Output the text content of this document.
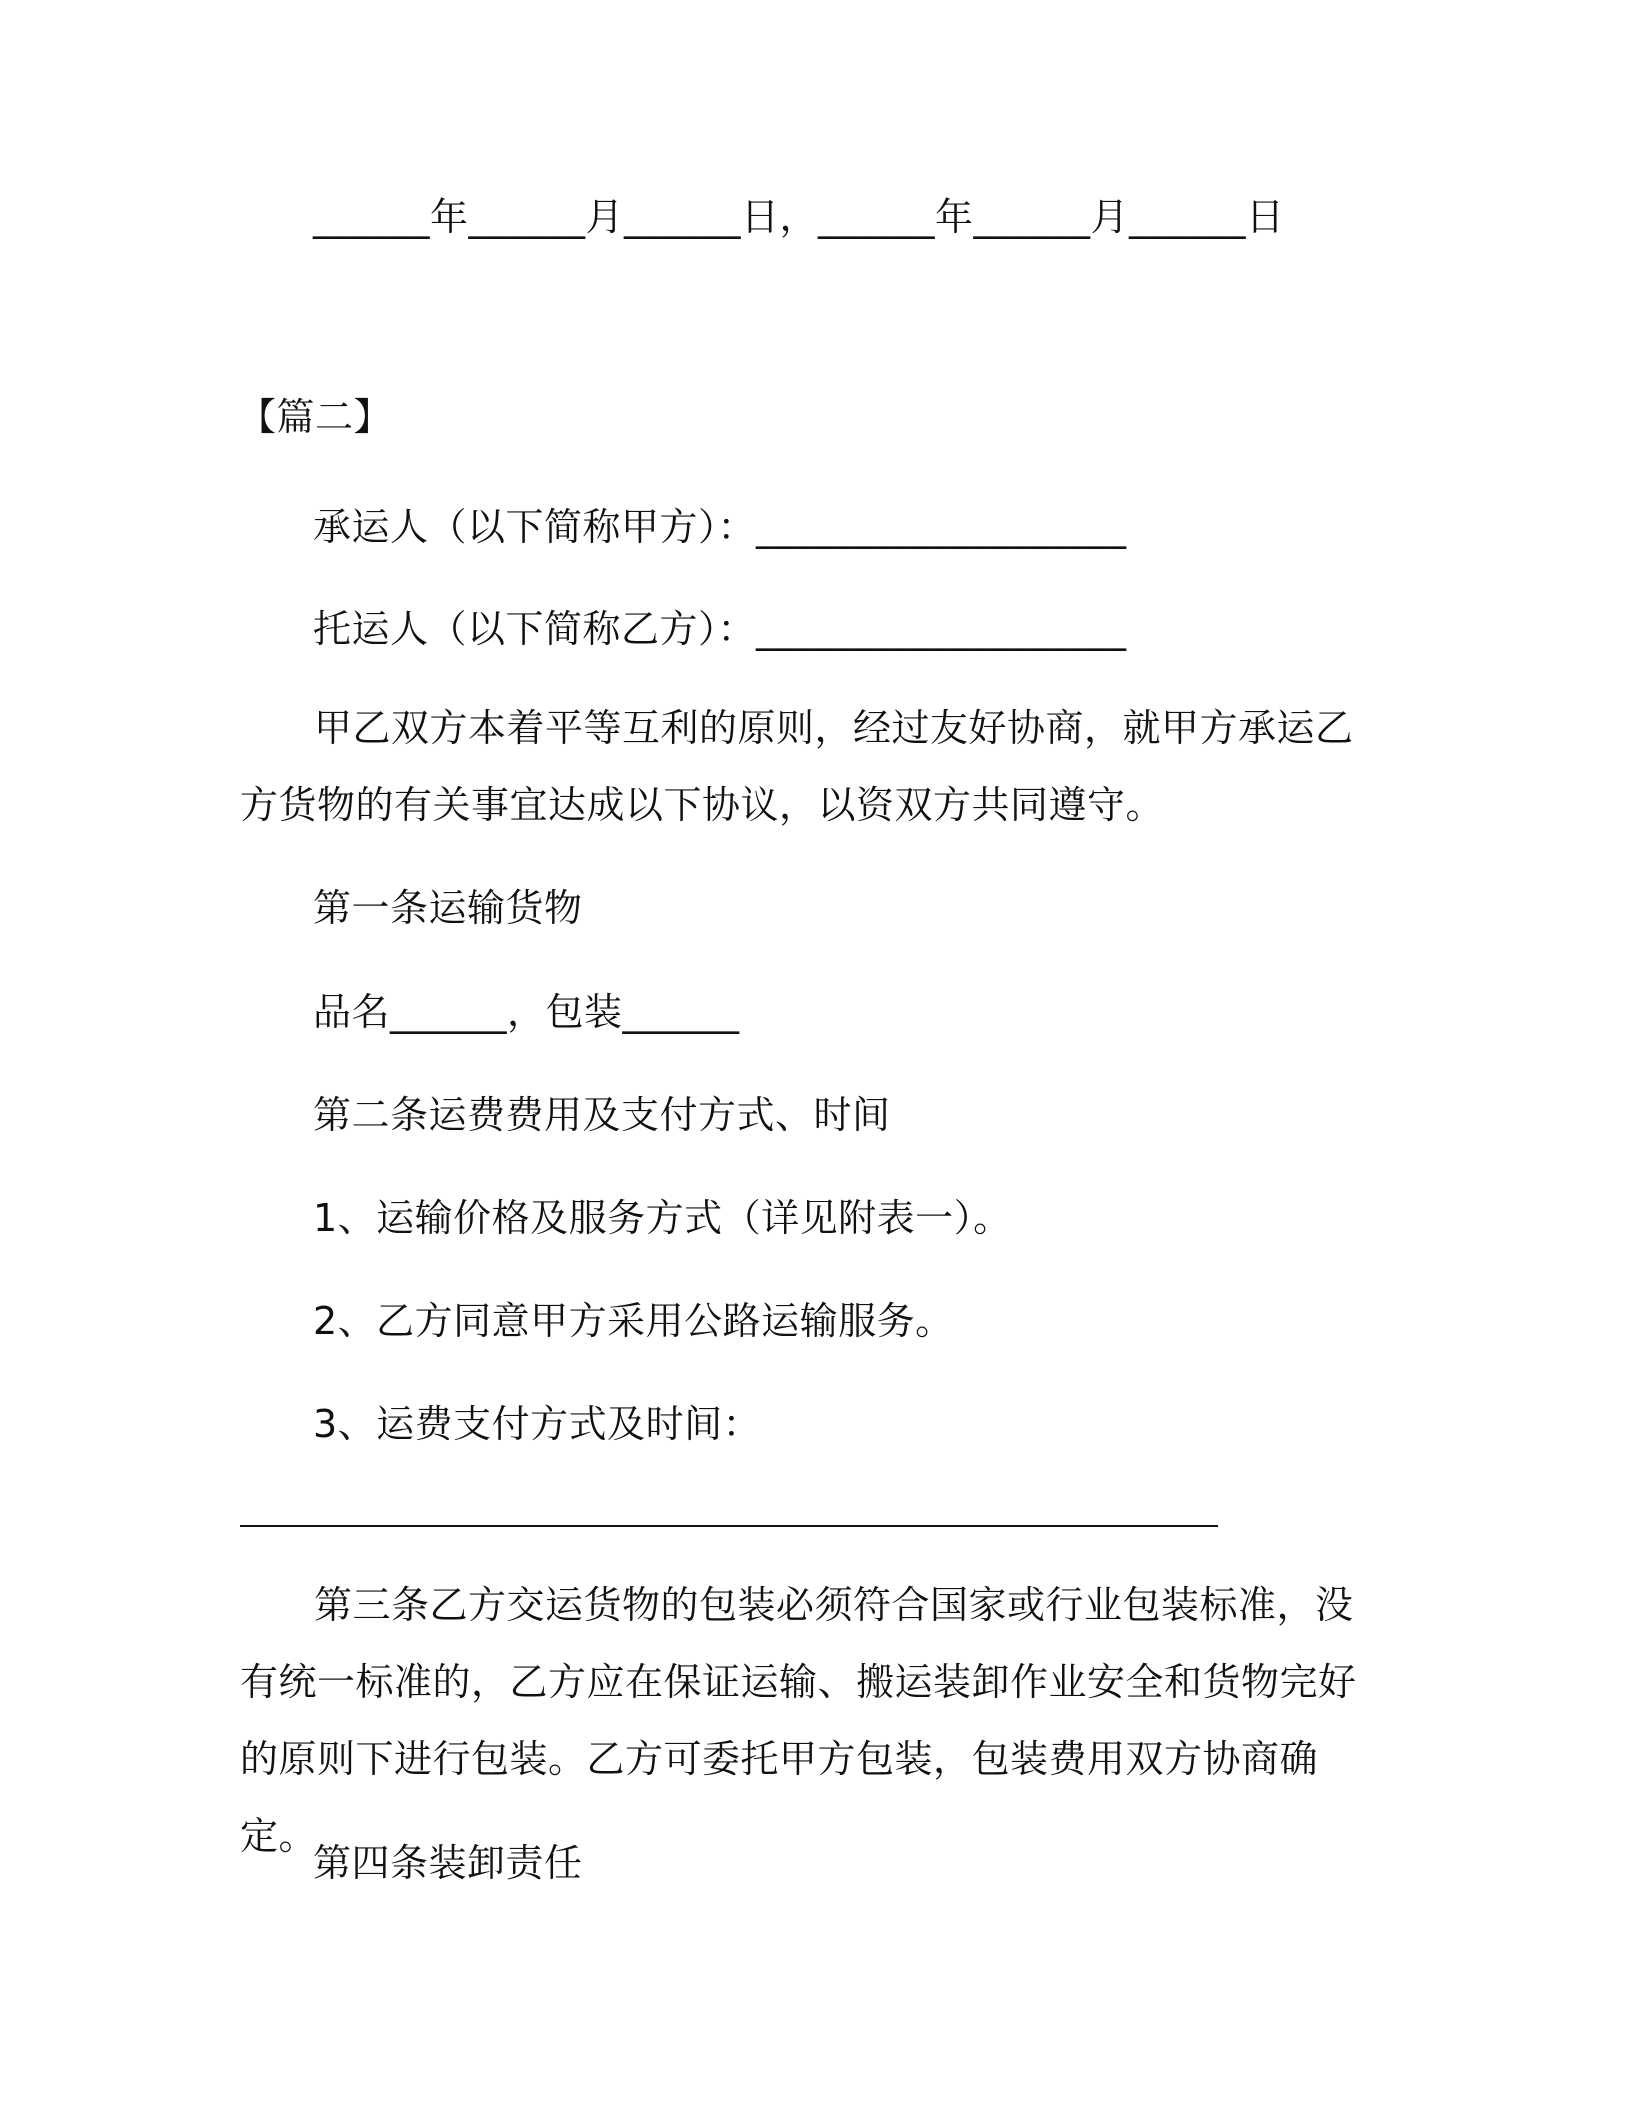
______年______月______日，______年______月______日
【篇二】
承运人（以下简称甲方）：___________________
托运人（以下简称乙方）：___________________
甲乙双方本着平等互利的原则，经过友好协商，就甲方承运乙方货物的有关事宜达成以下协议，以资双方共同遵守。
第一条运输货物
品名______，包装______
第二条运费费用及支付方式、时间
1、运输价格及服务方式（详见附表一）。
2、乙方同意甲方采用公路运输服务。
3、运费支付方式及时间：
第三条乙方交运货物的包装必须符合国家或行业包装标准，没有统一标准的，乙方应在保证运输、搬运装卸作业安全和货物完好的原则下进行包装。乙方可委托甲方包装，包装费用双方协商确定。
第四条装卸责任
